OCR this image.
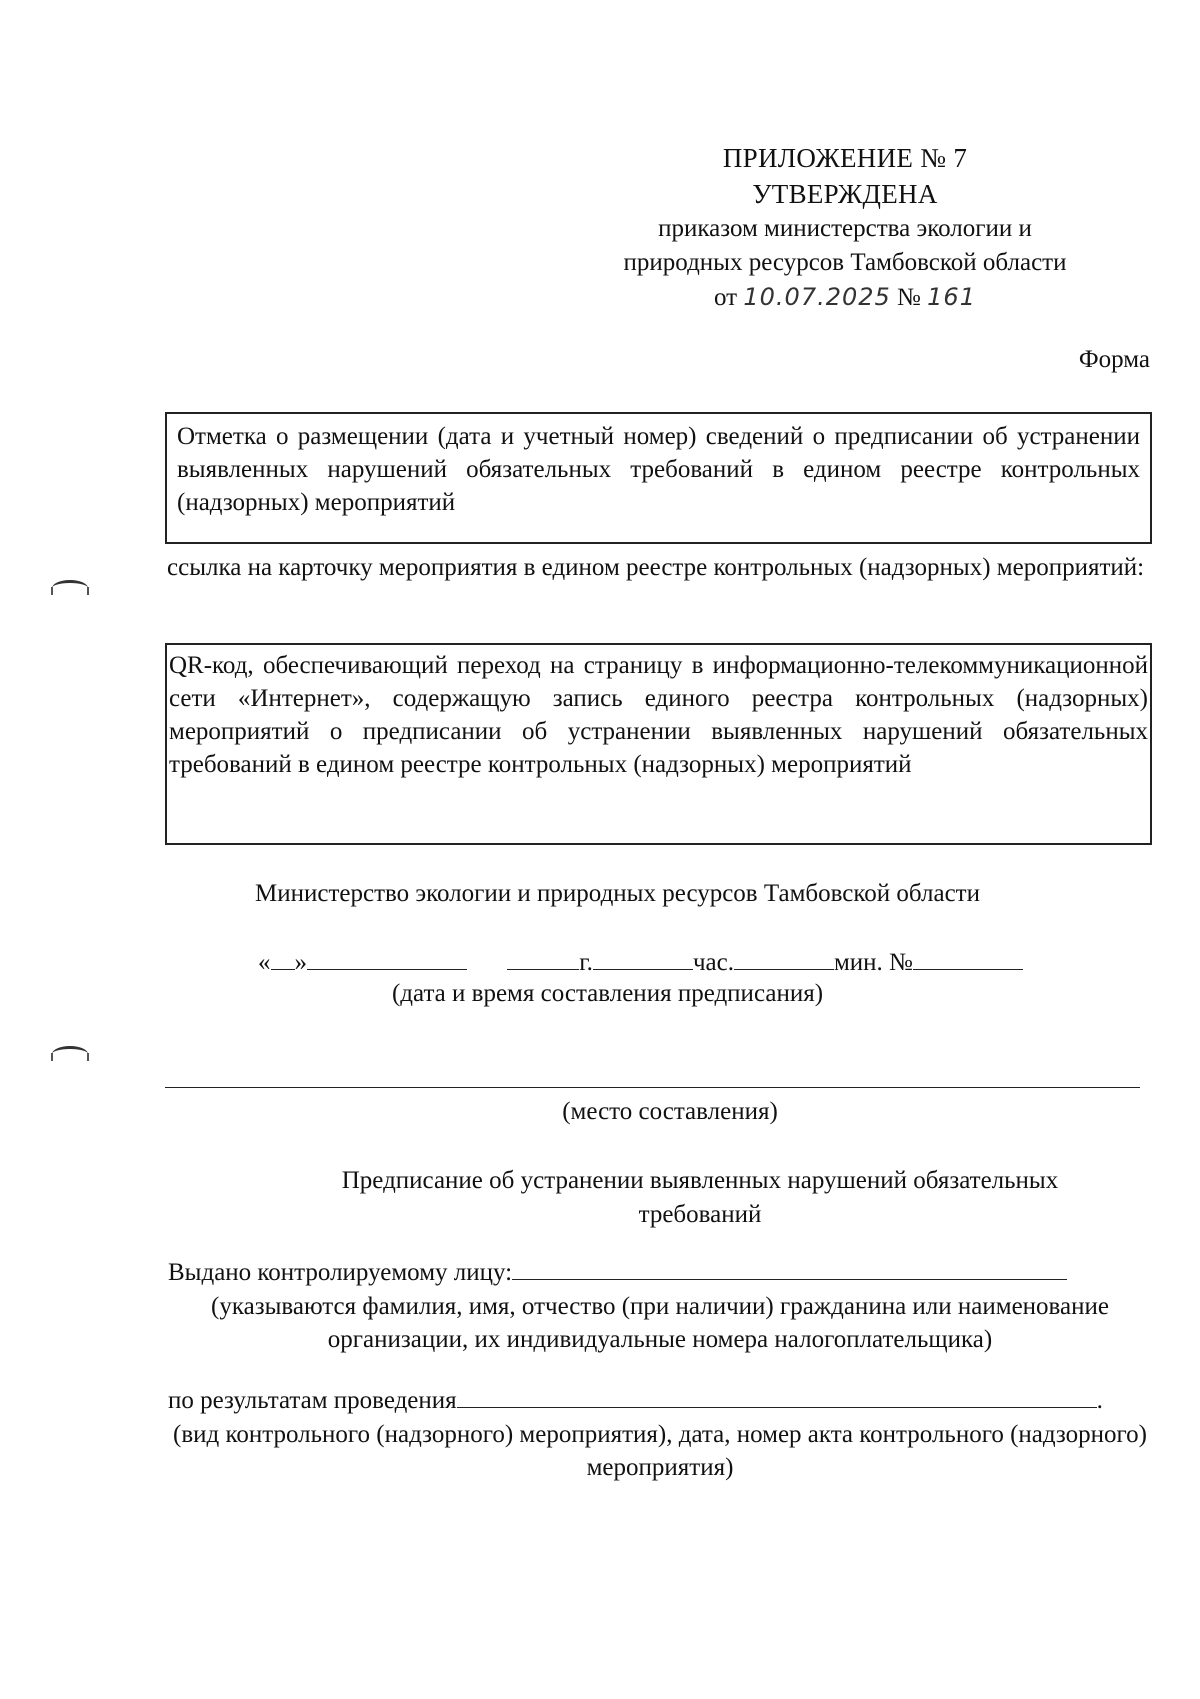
ПРИЛОЖЕНИЕ № 7
УТВЕРЖДЕНА
приказом министерства экологии и
природных ресурсов Тамбовской области
от 10.07.2025 № 161
Форма
Отметка о размещении (дата и учетный номер) сведений о предписании об устранении выявленных нарушений обязательных требований в едином реестре контрольных (надзорных) мероприятий
ссылка на карточку мероприятия в едином реестре контрольных (надзорных) мероприятий:
QR-код, обеспечивающий переход на страницу в информационно-телекоммуникационной сети «Интернет», содержащую запись единого реестра контрольных (надзорных) мероприятий о предписании об устранении выявленных нарушений обязательных требований в едином реестре контрольных (надзорных) мероприятий
Министерство экологии и природных ресурсов Тамбовской области
« »	г.	час.	мин. №
(дата и время составления предписания)
(место составления)
Предписание об устранении выявленных нарушений обязательных требований
Выдано контролируемому лицу:
(указываются фамилия, имя, отчество (при наличии) гражданина или наименование организации, их индивидуальные номера налогоплательщика)
по результатам проведения	.
(вид контрольного (надзорного) мероприятия), дата, номер акта контрольного (надзорного) мероприятия)
